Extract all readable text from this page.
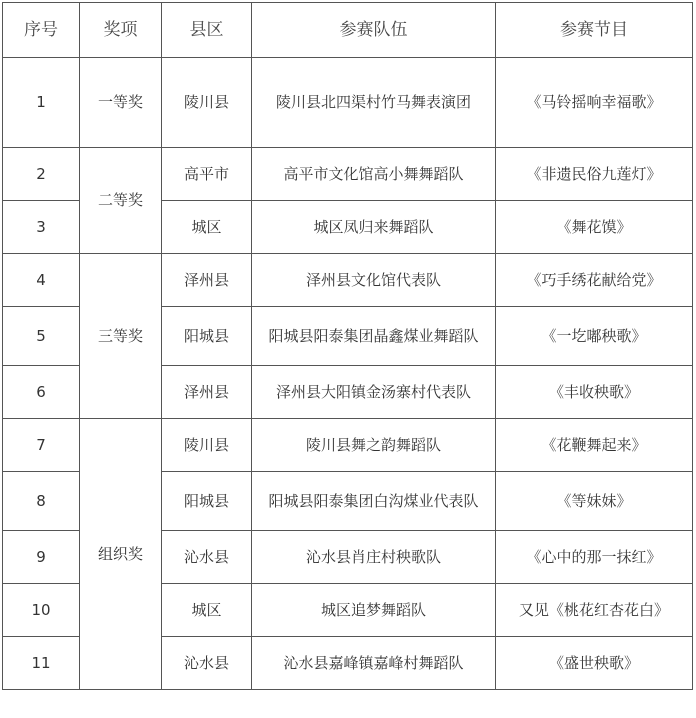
序号	奖项	县区	参赛队伍	参赛节目
1	一等奖	陵川县	陵川县北四渠村竹马舞表演团	《马铃摇响幸福歌》
2	二等奖	高平市	高平市文化馆高小舞舞蹈队	《非遗民俗九莲灯》
3		城区	城区凤归来舞蹈队	《舞花馍》
4	三等奖	泽州县	泽州县文化馆代表队	《巧手绣花献给党》
5		阳城县	阳城县阳泰集团晶鑫煤业舞蹈队	《一圪嘟秧歌》
6		泽州县	泽州县大阳镇金汤寨村代表队	《丰收秧歌》
7	组织奖	陵川县	陵川县舞之韵舞蹈队	《花鞭舞起来》
8		阳城县	阳城县阳泰集团白沟煤业代表队	《等妹妹》
9		沁水县	沁水县肖庄村秧歌队	《心中的那一抹红》
10		城区	城区追梦舞蹈队	又见《桃花红杏花白》
11		沁水县	沁水县嘉峰镇嘉峰村舞蹈队	《盛世秧歌》
